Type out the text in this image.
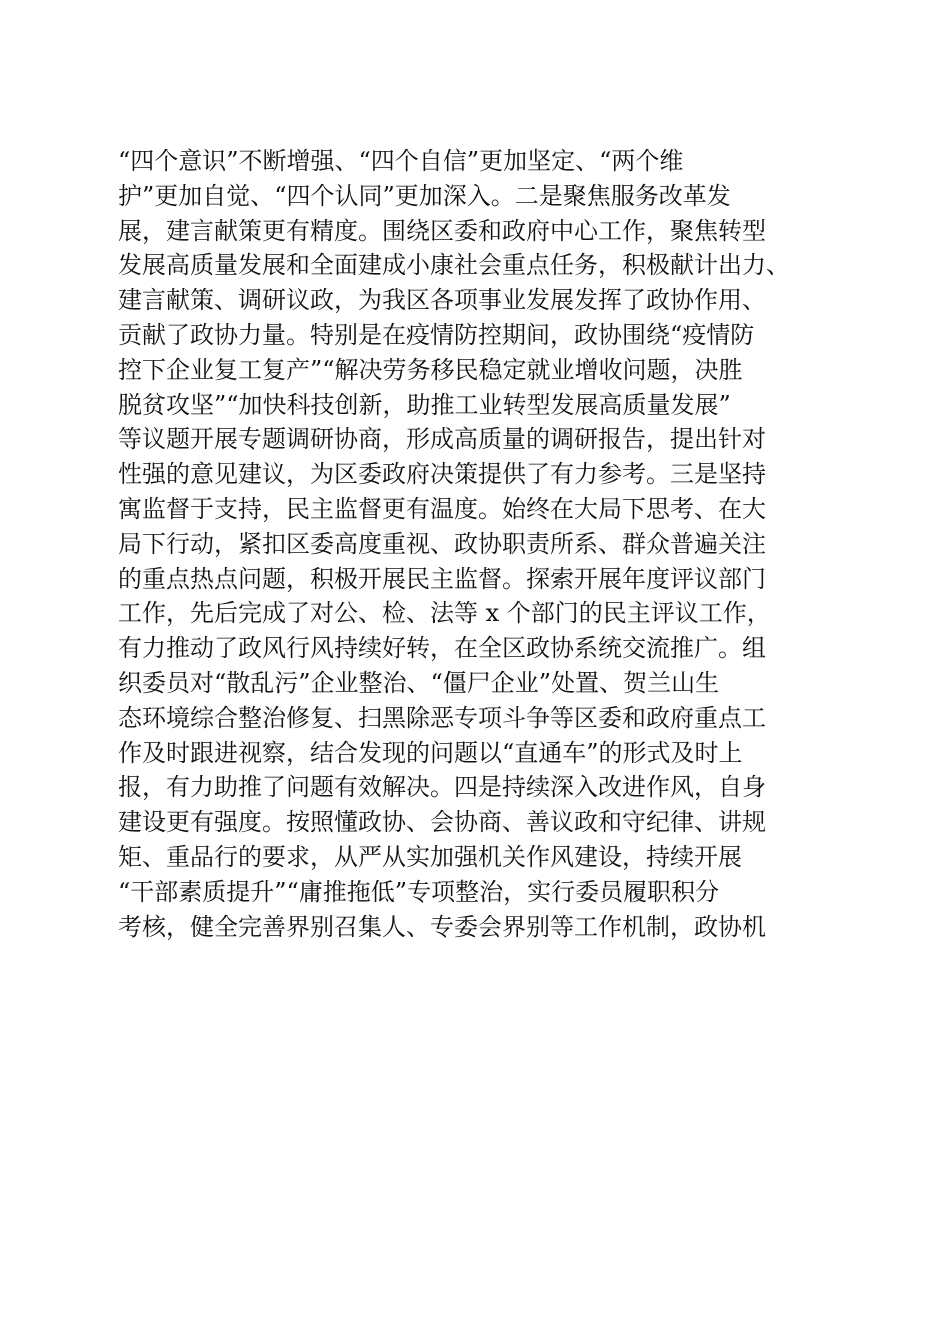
“四个意识”不断增强、“四个自信”更加坚定、“两个维
护”更加自觉、“四个认同”更加深入。二是聚焦服务改革发
展，建言献策更有精度。围绕区委和政府中心工作，聚焦转型
发展高质量发展和全面建成小康社会重点任务，积极献计出力、
建言献策、调研议政，为我区各项事业发展发挥了政协作用、
贡献了政协力量。特别是在疫情防控期间，政协围绕“疫情防
控下企业复工复产”“解决劳务移民稳定就业增收问题，决胜
脱贫攻坚”“加快科技创新，助推工业转型发展高质量发展”
等议题开展专题调研协商，形成高质量的调研报告，提出针对
性强的意见建议，为区委政府决策提供了有力参考。三是坚持
寓监督于支持，民主监督更有温度。始终在大局下思考、在大
局下行动，紧扣区委高度重视、政协职责所系、群众普遍关注
的重点热点问题，积极开展民主监督。探索开展年度评议部门
工作，先后完成了对公、检、法等 x 个部门的民主评议工作，
有力推动了政风行风持续好转，在全区政协系统交流推广。组
织委员对“散乱污”企业整治、“僵尸企业”处置、贺兰山生
态环境综合整治修复、扫黑除恶专项斗争等区委和政府重点工
作及时跟进视察，结合发现的问题以“直通车”的形式及时上
报，有力助推了问题有效解决。四是持续深入改进作风，自身
建设更有强度。按照懂政协、会协商、善议政和守纪律、讲规
矩、重品行的要求，从严从实加强机关作风建设，持续开展
“干部素质提升”“庸推拖低”专项整治，实行委员履职积分
考核，健全完善界别召集人、专委会界别等工作机制，政协机
